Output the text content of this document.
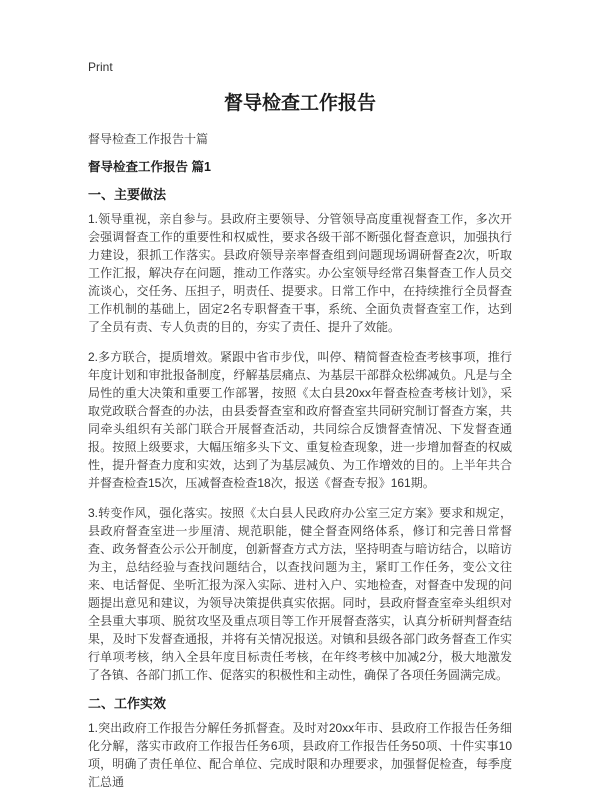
Print
督导检查工作报告
督导检查工作报告十篇
督导检查工作报告 篇1
一、主要做法

1.领导重视，亲自参与。县政府主要领导、分管领导高度重视督查工作，多次开会强调督查工作的重要性和权威性，要求各级干部不断强化督查意识，加强执行力建设，狠抓工作落实。县政府领导亲率督查组到问题现场调研督查2次，听取工作汇报，解决存在问题，推动工作落实。办公室领导经常召集督查工作人员交流谈心，交任务、压担子，明责任、提要求。日常工作中，在持续推行全员督查工作机制的基础上，固定2名专职督查干事，系统、全面负责督查室工作，达到了全员有责、专人负责的目的，夯实了责任、提升了效能。

2.多方联合，提质增效。紧跟中省市步伐，叫停、精简督查检查考核事项，推行年度计划和审批报备制度，纾解基层痛点、为基层干部群众松绑减负。凡是与全局性的重大决策和重要工作部署，按照《太白县20xx年督查检查考核计划》，采取党政联合督查的办法，由县委督查室和政府督查室共同研究制订督查方案，共同牵头组织有关部门联合开展督查活动，共同综合反馈督查情况、下发督查通报。按照上级要求，大幅压缩多头下文、重复检查现象，进一步增加督查的权威性，提升督查力度和实效，达到了为基层减负、为工作增效的目的。上半年共合并督查检查15次，压减督查检查18次，报送《督查专报》161期。

3.转变作风，强化落实。按照《太白县人民政府办公室三定方案》要求和规定，县政府督查室进一步厘清、规范职能，健全督查网络体系，修订和完善日常督查、政务督查公示公开制度，创新督查方式方法，坚持明查与暗访结合，以暗访为主，总结经验与查找问题结合，以查找问题为主，紧盯工作任务，变公文往来、电话督促、坐听汇报为深入实际、进村入户、实地检查，对督查中发现的问题提出意见和建议，为领导决策提供真实依据。同时，县政府督查室牵头组织对全县重大事项、脱贫攻坚及重点项目等工作开展督查落实，认真分析研判督查结果，及时下发督查通报，并将有关情况报送。对镇和县级各部门政务督查工作实行单项考核，纳入全县年度目标责任考核，在年终考核中加减2分，极大地激发了各镇、各部门抓工作、促落实的积极性和主动性，确保了各项任务圆满完成。

二、工作实效

1.突出政府工作报告分解任务抓督查。及时对20xx年市、县政府工作报告任务细化分解，落实市政府工作报告任务6项，县政府工作报告任务50项、十件实事10项，明确了责任单位、配合单位、完成时限和办理要求，加强督促检查，每季度汇总通
